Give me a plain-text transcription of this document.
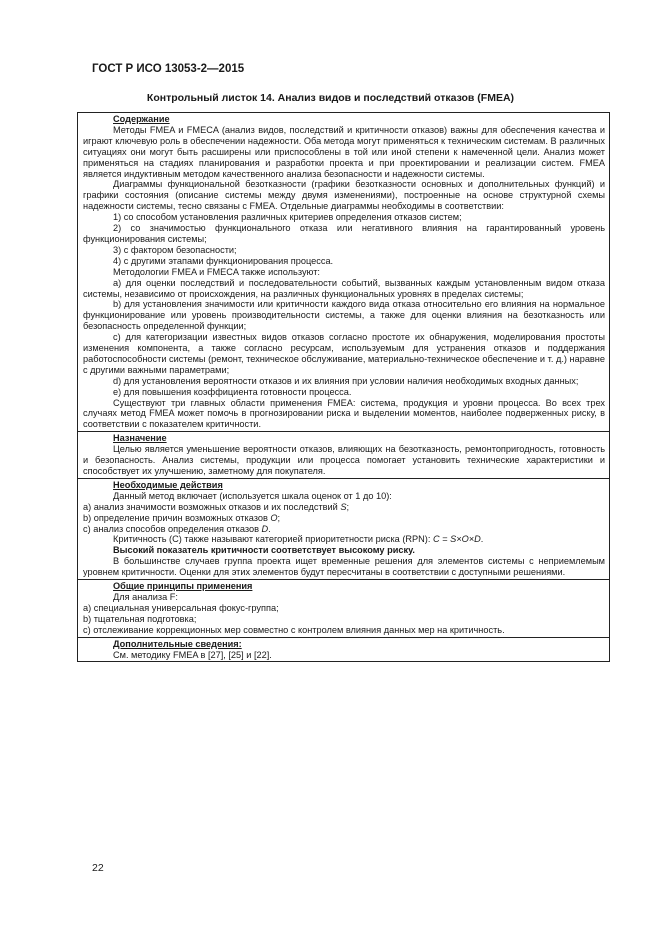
ГОСТ Р ИСО 13053-2—2015
Контрольный листок 14. Анализ видов и последствий отказов (FMEA)
Содержание
Методы FMEA и FMECA (анализ видов, последствий и критичности отказов) важны для обеспечения качества и играют ключевую роль в обеспечении надежности. Оба метода могут применяться к техническим системам. В различных ситуациях они могут быть расширены или приспособлены в той или иной степени к намеченной цели. Анализ может применяться на стадиях планирования и разработки проекта и при проектировании и реализации систем. FMEA является индуктивным методом качественного анализа безопасности и надежности системы.
Диаграммы функциональной безотказности (графики безотказности основных и дополнительных функций) и графики состояния (описание системы между двумя изменениями), построенные на основе структурной схемы надежности системы, тесно связаны с FMEA. Отдельные диаграммы необходимы в соответствии:
1) со способом установления различных критериев определения отказов систем;
2) со значимостью функционального отказа или негативного влияния на гарантированный уровень функционирования системы;
3) с фактором безопасности;
4) с другими этапами функционирования процесса.
Методологии FMEA и FMECA также используют:
а) для оценки последствий и последовательности событий, вызванных каждым установленным видом отказа системы, независимо от происхождения, на различных функциональных уровнях в пределах системы;
b) для установления значимости или критичности каждого вида отказа относительно его влияния на нормальное функционирование или уровень производительности системы, а также для оценки влияния на безотказность или безопасность определенной функции;
c) для категоризации известных видов отказов согласно простоте их обнаружения, моделирования простоты изменения компонента, а также согласно ресурсам, используемым для устранения отказов и поддержания работоспособности системы (ремонт, техническое обслуживание, материально-техническое обеспечение и т. д.) наравне с другими важными параметрами;
d) для установления вероятности отказов и их влияния при условии наличия необходимых входных данных;
е) для повышения коэффициента готовности процесса.
Существуют три главных области применения FMEA: система, продукция и уровни процесса. Во всех трех случаях метод FMEA может помочь в прогнозировании риска и выделении моментов, наиболее подверженных риску, в соответствии с показателем критичности.
Назначение
Целью является уменьшение вероятности отказов, влияющих на безотказность, ремонтопригодность, готовность и безопасность. Анализ системы, продукции или процесса помогает установить технические характеристики и способствует их улучшению, заметному для покупателя.
Необходимые действия
Данный метод включает (используется шкала оценок от 1 до 10):
а) анализ значимости возможных отказов и их последствий S;
b) определение причин возможных отказов O;
c) анализ способов определения отказов D.
Критичность (C) также называют категорией приоритетности риска (RPN): C = S×O×D.
Высокий показатель критичности соответствует высокому риску.
В большинстве случаев группа проекта ищет временные решения для элементов системы с неприемлемым уровнем критичности. Оценки для этих элементов будут пересчитаны в соответствии с доступными решениями.
Общие принципы применения
Для анализа F:
а) специальная универсальная фокус-группа;
b) тщательная подготовка;
c) отслеживание коррекционных мер совместно с контролем влияния данных мер на критичность.
Дополнительные сведения:
См. методику FMEA в [27], [25] и [22].
22
